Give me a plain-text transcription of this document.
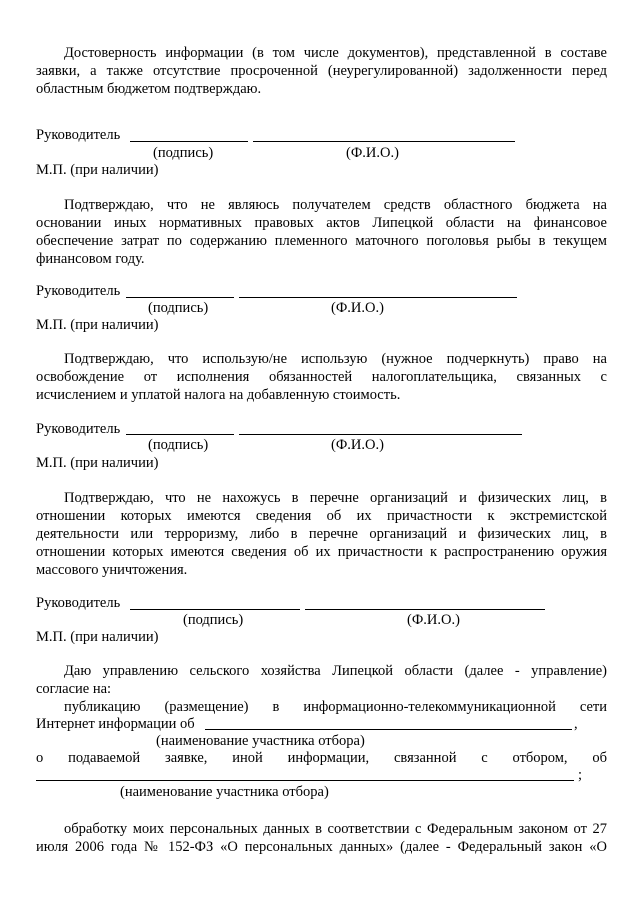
Достоверность информации (в том числе документов), представленной в составе
заявки, а также отсутствие просроченной (неурегулированной) задолженности перед
областным бюджетом подтверждаю.
Руководитель
(подпись)	(Ф.И.О.)
М.П. (при наличии)
Подтверждаю, что не являюсь получателем средств областного бюджета на
основании иных нормативных правовых актов Липецкой области на финансовое
обеспечение затрат по содержанию племенного маточного поголовья рыбы в текущем
финансовом году.
Руководитель
(подпись)	(Ф.И.О.)
М.П. (при наличии)
Подтверждаю, что использую/не использую (нужное подчеркнуть) право на
освобождение от исполнения обязанностей налогоплательщика, связанных с
исчислением и уплатой налога на добавленную стоимость.
Руководитель
(подпись)	(Ф.И.О.)
М.П. (при наличии)
Подтверждаю, что не нахожусь в перечне организаций и физических лиц, в
отношении которых имеются сведения об их причастности к экстремистской
деятельности или терроризму, либо в перечне организаций и физических лиц, в
отношении которых имеются сведения об их причастности к распространению оружия
массового уничтожения.
Руководитель
(подпись)	(Ф.И.О.)
М.П. (при наличии)
Даю управлению сельского хозяйства Липецкой области (далее - управление)
согласие на:
публикацию (размещение) в информационно-телекоммуникационной сети
Интернет информации об	,
(наименование участника отбора)
о подаваемой заявке, иной информации, связанной с отбором, об
;
(наименование участника отбора)
обработку моих персональных данных в соответствии с Федеральным законом от 27
июля 2006 года № 152-ФЗ «О персональных данных» (далее - Федеральный закон «О
